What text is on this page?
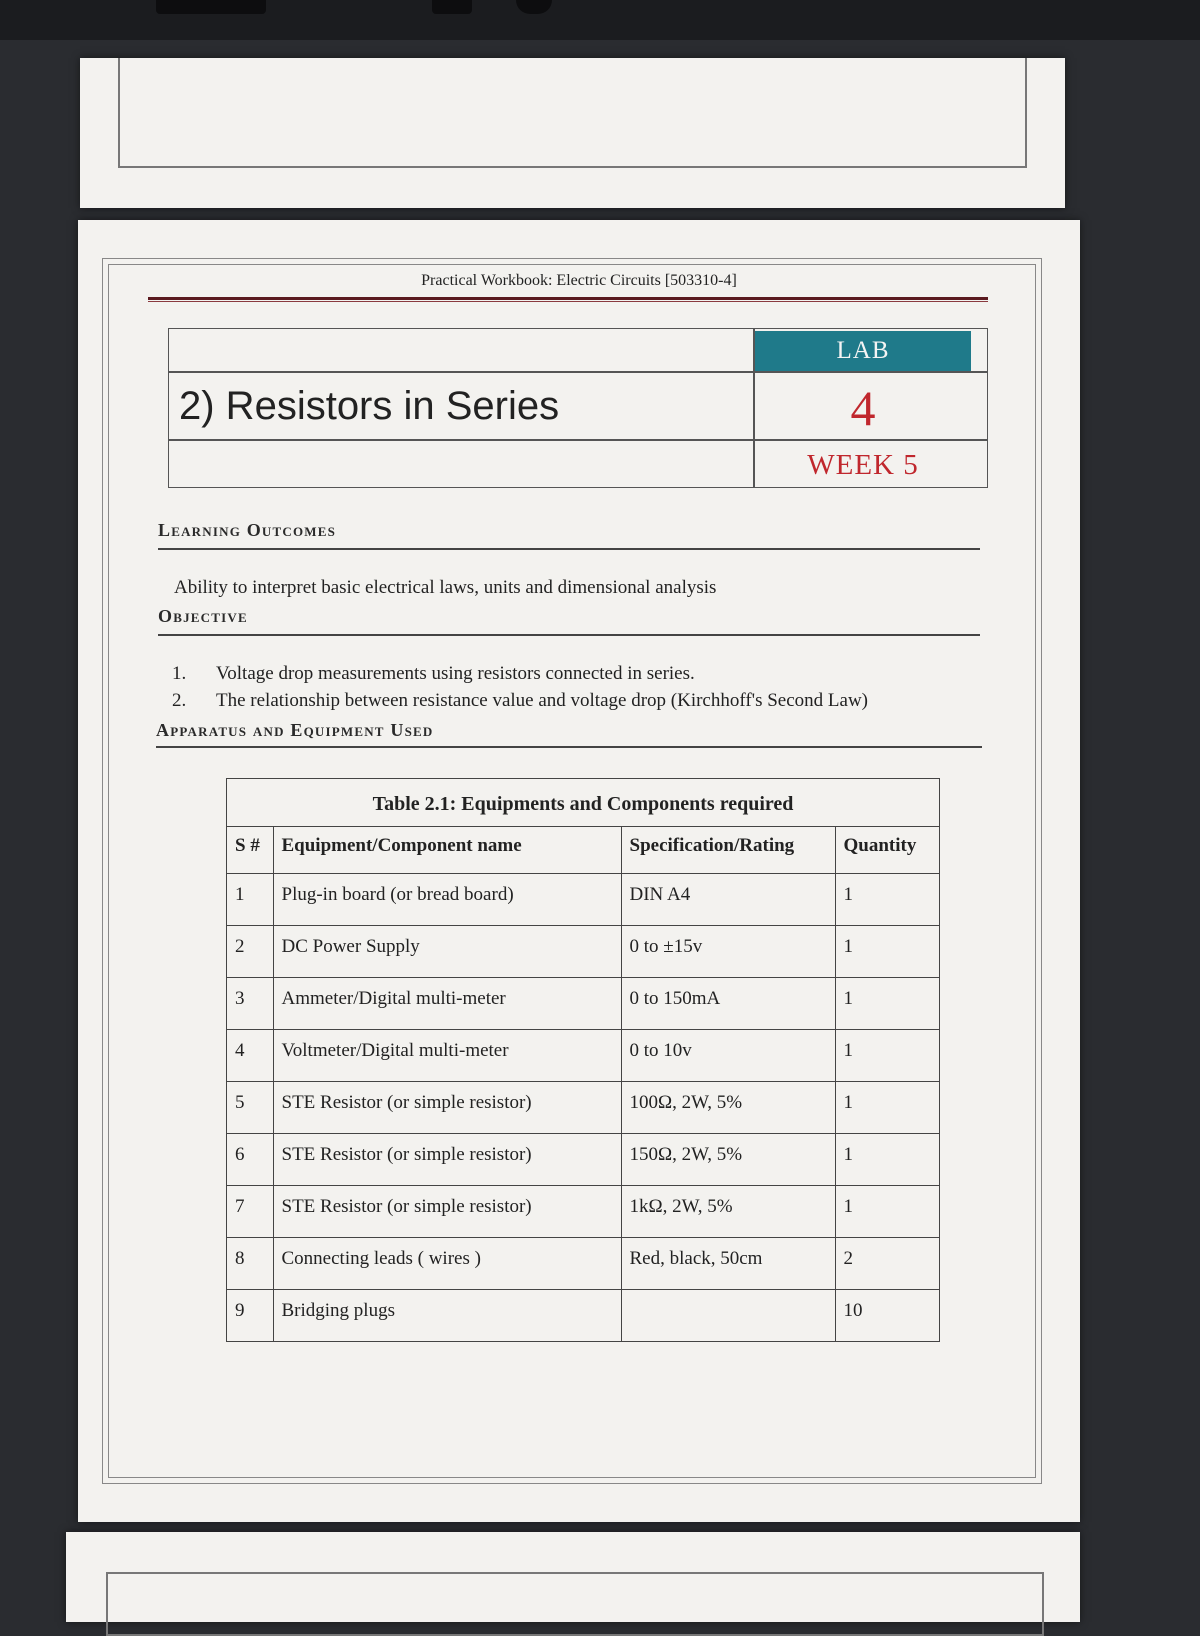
Practical Workbook: Electric Circuits [503310-4]
LAB
2) Resistors in Series	4
WEEK 5
Learning Outcomes
Ability to interpret basic electrical laws, units and dimensional analysis
Objective
1. Voltage drop measurements using resistors connected in series.
2. The relationship between resistance value and voltage drop (Kirchhoff's Second Law)
Apparatus and Equipment Used
Table 2.1: Equipments and Components required
S #	Equipment/Component name	Specification/Rating	Quantity
1	Plug-in board (or bread board)	DIN A4	1
2	DC Power Supply	0 to ±15v	1
3	Ammeter/Digital multi-meter	0 to 150mA	1
4	Voltmeter/Digital multi-meter	0 to 10v	1
5	STE Resistor (or simple resistor)	100Ω, 2W, 5%	1
6	STE Resistor (or simple resistor)	150Ω, 2W, 5%	1
7	STE Resistor (or simple resistor)	1kΩ, 2W, 5%	1
8	Connecting leads ( wires )	Red, black, 50cm	2
9	Bridging plugs		10
